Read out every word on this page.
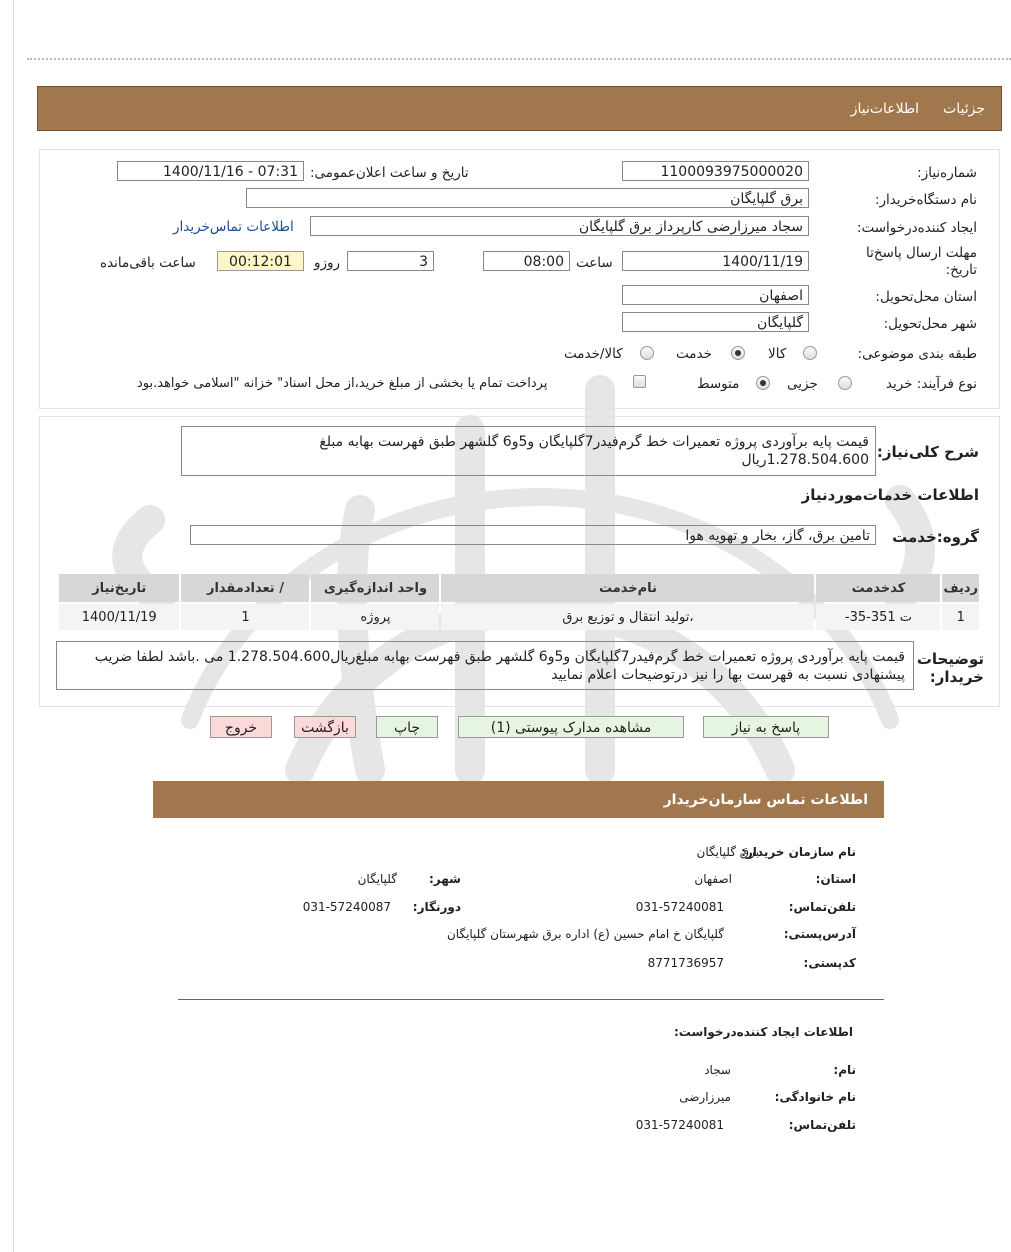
جزئیات
اطلاعات‌نیاز
شماره‌نیاز:
1100093975000020
تاریخ و ساعت اعلان‌عمومی:
1400/11/16 - 07:31
نام دستگاه‌خریدار:
برق گلپایگان
ایجاد کننده‌درخواست:
سجاد میرزارضی کارپرداز برق گلپایگان
اطلاعات تماس‌خریدار
مهلت ارسال پاسخ‌تا تاریخ:
1400/11/19
ساعت
08:00
3
روزو
00:12:01
ساعت باقی‌مانده
استان محل‌تحویل:
اصفهان
شهر محل‌تحویل:
گلپایگان
طبقه بندی موضوعی:
کالا
خدمت
کالا/خدمت
نوع فرآیند: خرید
جزیی
متوسط
پرداخت تمام یا بخشی از مبلغ خرید،از محل اسناد" خزانه "اسلامی خواهد.بود
شرح کلی‌نیاز:
قیمت پایه برآوردی پروژه تعمیرات خط گرم‌فیدر7گلپایگان و5و6 گلشهر طبق فهرست بهابه مبلغ 1.278.504.600ریال
اطلاعات خدمات‌موردنیاز
گروه:خدمت
تامین برق، گاز، بخار و تهویه هوا
ردیف	کدخدمت	نام‌خدمت	واحد اندازه‌گیری	/ تعدادمقدار	تاریخ‌نیاز
1	ت 351-35-	،تولید انتقال و توزیع برق	پروژه	1	1400/11/19
توضیحات خریدار:
قیمت پایه برآوردی پروژه تعمیرات خط گرم‌فیدر7گلپایگان و5و6 گلشهر طبق فهرست بهابه مبلغ‌ریال1.278.504.600 می .باشد لطفا ضریب پیشنهادی نسبت به فهرست بها را نیز درتوضیحات اعلام نمایید
پاسخ به نیاز
مشاهده مدارک پیوستی (1)
چاپ
بازگشت
خروج
اطلاعات تماس سازمان‌خریدار
نام سازمان خریدار:
برق گلپایگان
استان:
اصفهان
شهر:
گلپایگان
تلفن‌تماس:
031-57240081
دورنگار:
031-57240087
آدرس‌پستی:
گلپایگان خ امام حسین (ع) اداره برق شهرستان گلپایگان
کدپستی:
8771736957
اطلاعات ایجاد کننده‌درخواست:
نام:
سجاد
نام خانوادگی:
میرزارضی
تلفن‌تماس:
031-57240081
